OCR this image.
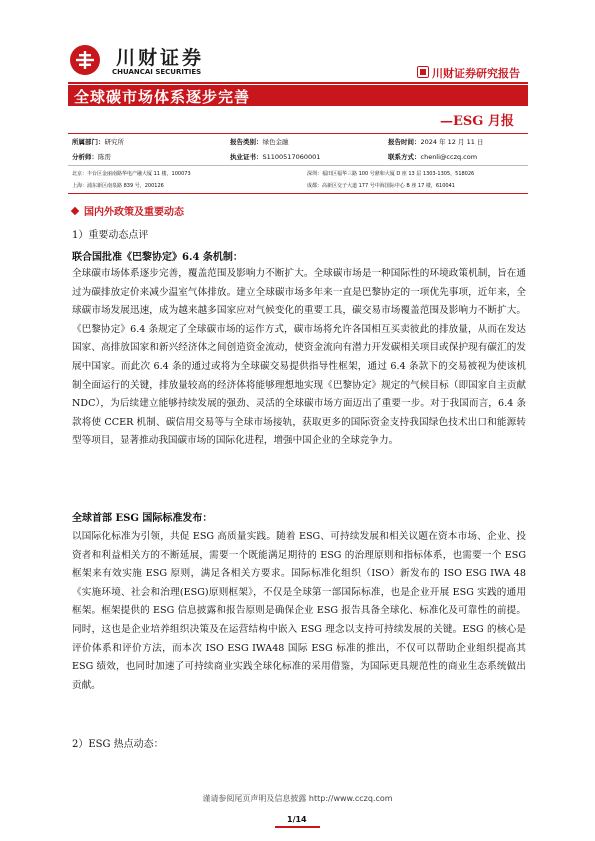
川财证券
CHUANCAI SECURITIES	川财证券研究报告
全球碳市场体系逐步完善
—ESG 月报
所属部门：研究所	报告类别：绿色金融	报告时间：2024 年 12 月 11 日
分析师：陈雳	执业证书：S1100517060001	联系方式：chenli@cczq.com
北京：丰台区金丽南路华电产融大厦 11 楼，100073	深圳：福田区福华三路 100 号鼎和大厦 D 座 13 层 1303-1305，518026
上海：浦东新区南泉路 839 号，200126	成都：高新区交子大道 177 号中海国际中心 B 座 17 楼，610041
国内外政策及重要动态
1）重要动态点评
联合国批准《巴黎协定》6.4 条机制：
全球碳市场体系逐步完善，覆盖范围及影响力不断扩大。全球碳市场是一种国际性的环境政策机制，旨在通过为碳排放定价来减少温室气体排放。建立全球碳市场多年来一直是巴黎协定的一项优先事项，近年来，全球碳市场发展迅速，成为越来越多国家应对气候变化的重要工具，碳交易市场覆盖范围及影响力不断扩大。《巴黎协定》6.4 条规定了全球碳市场的运作方式，碳市场将允许各国相互买卖彼此的排放量，从而在发达国家、高排放国家和新兴经济体之间创造资金流动，使资金流向有潜力开发碳相关项目或保护现有碳汇的发展中国家。而此次 6.4 条的通过或将为全球碳交易提供指导性框架，通过 6.4 条款下的交易被视为使该机制全面运行的关键，排放量较高的经济体将能够理想地实现《巴黎协定》规定的气候目标（即国家自主贡献 NDC），为后续建立能够持续发展的强劲、灵活的全球碳市场方面迈出了重要一步。对于我国而言，6.4 条款将使 CCER 机制、碳信用交易等与全球市场接轨，获取更多的国际资金支持我国绿色技术出口和能源转型等项目，显著推动我国碳市场的国际化进程，增强中国企业的全球竞争力。
全球首部 ESG 国际标准发布：
以国际化标准为引领，共促 ESG 高质量实践。随着 ESG、可持续发展和相关议题在资本市场、企业、投资者和利益相关方的不断延展，需要一个既能满足期待的 ESG 的治理原则和指标体系，也需要一个 ESG 框架来有效实施 ESG 原则，满足各相关方要求。国际标准化组织（ISO）新发布的 ISO ESG IWA 48《实施环境、社会和治理(ESG)原则框架》，不仅是全球第一部国际标准，也是企业开展 ESG 实践的通用框架。框架提供的 ESG 信息披露和报告原则是确保企业 ESG 报告具备全球化、标准化及可靠性的前提。同时，这也是企业培养组织决策及在运营结构中嵌入 ESG 理念以支持可持续发展的关键。ESG 的核心是评价体系和评价方法，而本次 ISO ESG IWA48 国际 ESG 标准的推出，不仅可以帮助企业组织提高其 ESG 绩效，也同时加速了可持续商业实践全球化标准的采用借鉴，为国际更具规范性的商业生态系统做出贡献。
2）ESG 热点动态：
谨请参阅尾页声明及信息披露 http://www.cczq.com
1/14
